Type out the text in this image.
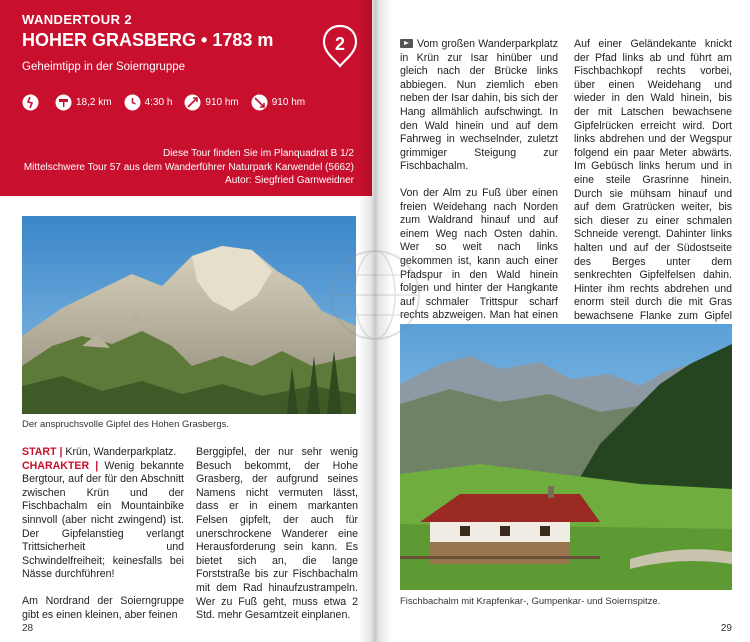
WANDERTOUR 2
HOHER GRASBERG • 1783 m
Geheimtipp in der Soierngruppe
2
18,2 km	4:30 h	910 hm	910 hm
Diese Tour finden Sie im Planquadrat B 1/2
Mittelschwere Tour 57 aus dem Wanderführer Naturpark Karwendel (5662)
Autor: Siegfried Garnweidner
Der anspruchsvolle Gipfel des Hohen Grasbergs.

START | Krün, Wanderparkplatz.
CHARAKTER | Wenig bekannte Bergtour, auf der für den Abschnitt zwischen Krün und der Fischbachalm ein Mountainbike sinnvoll (aber nicht zwingend) ist. Der Gipfelanstieg verlangt Trittsicherheit und Schwindelfreiheit; keinesfalls bei Nässe durchführen!

Am Nordrand der Soierngruppe gibt es einen kleinen, aber feinen

Berggipfel, der nur sehr wenig Besuch bekommt, der Hohe Grasberg, der aufgrund seines Namens nicht vermuten lässt, dass er in einem markanten Felsen gipfelt, der auch für unerschrockene Wanderer eine Herausforderung sein kann. Es bietet sich an, die lange Forststraße bis zur Fischbachalm mit dem Rad hinaufzustrampeln. Wer zu Fuß geht, muss etwa 2 Std. mehr Gesamtzeit einplanen.

28

Vom großen Wanderparkplatz in Krün zur Isar hinüber und gleich nach der Brücke links abbiegen. Nun ziemlich eben neben der Isar dahin, bis sich der Hang allmählich aufschwingt. In den Wald hinein und auf dem Fahrweg in wechselnder, zuletzt grimmiger Steigung zur Fischbachalm.

Von der Alm zu Fuß über einen freien Weidehang nach Norden zum Waldrand hinauf und auf einem Weg nach Osten dahin. Wer so weit nach links gekommen ist, kann auch einer Pfadspur in den Wald hinein folgen und hinter der Hangkante auf schmaler Trittspur scharf rechts abzweigen. Man hat einen

Auf einer Geländekante knickt der Pfad links ab und führt am Fischbachkopf rechts vorbei, über einen Weidehang und wieder in den Wald hinein, bis der mit Latschen bewachsene Gipfelrücken erreicht wird. Dort links abdrehen und der Wegspur folgend ein paar Meter abwärts. Im Gebüsch links herum und in eine steile Grasrinne hinein. Durch sie mühsam hinauf und auf dem Gratrücken weiter, bis sich dieser zu einer schmalen Schneide verengt. Dahinter links halten und auf der Südostseite des Berges unter dem senkrechten Gipfelfelsen dahin. Hinter ihm rechts abdrehen und enorm steil durch die mit Gras bewachsene Flanke zum Gipfel

Fischbachalm mit Krapfenkar-, Gumpenkar- und Soiernspitze.
29
